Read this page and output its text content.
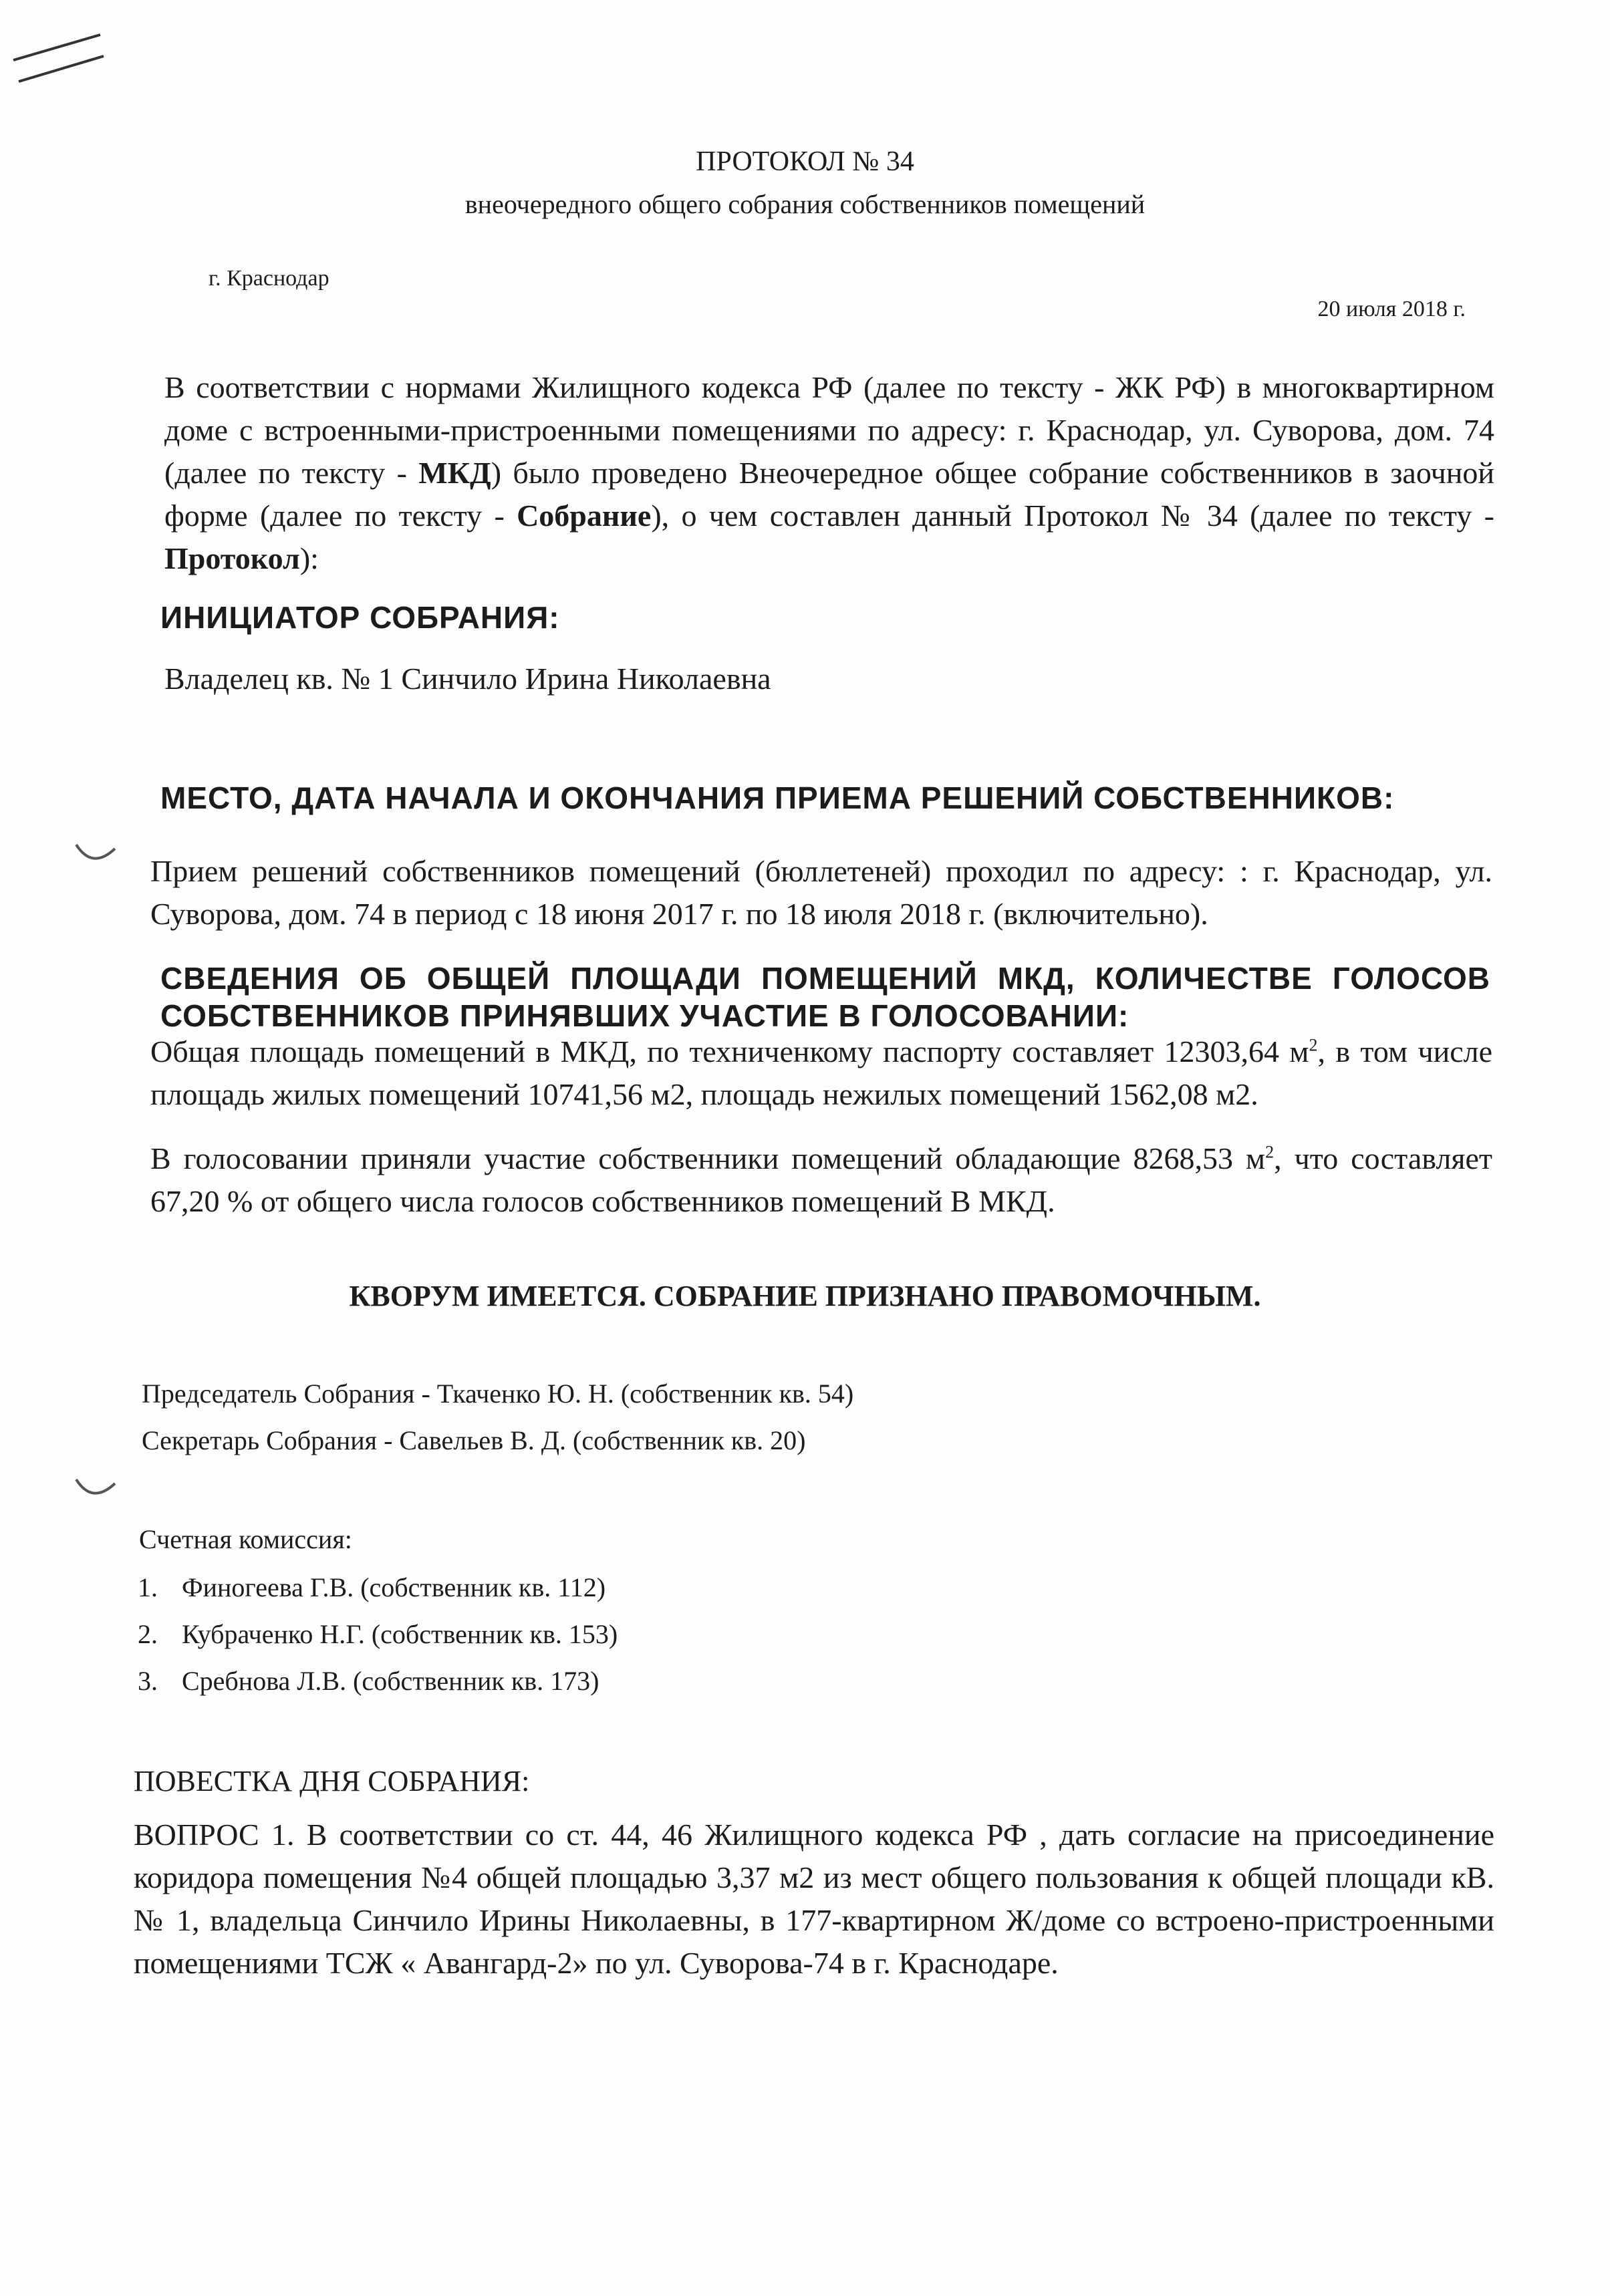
ПРОТОКОЛ № 34
внеочередного общего собрания собственников помещений
г. Краснодар
20 июля 2018 г.
В соответствии с нормами Жилищного кодекса РФ (далее по тексту - ЖК РФ) в многоквартирном доме с встроенными-пристроенными помещениями по адресу: г. Краснодар, ул. Суворова, дом. 74 (далее по тексту - МКД) было проведено Внеочередное общее собрание собственников в заочной форме (далее по тексту - Собрание), о чем составлен данный Протокол № 34 (далее по тексту - Протокол):
ИНИЦИАТОР СОБРАНИЯ:
Владелец кв. № 1 Синчило Ирина Николаевна
МЕСТО, ДАТА НАЧАЛА И ОКОНЧАНИЯ ПРИЕМА РЕШЕНИЙ СОБСТВЕННИКОВ:
Прием решений собственников помещений (бюллетеней) проходил по адресу: : г. Краснодар, ул. Суворова, дом. 74 в период с 18 июня 2017 г. по 18 июля 2018 г. (включительно).
СВЕДЕНИЯ ОБ ОБЩЕЙ ПЛОЩАДИ ПОМЕЩЕНИЙ МКД, КОЛИЧЕСТВЕ ГОЛОСОВ СОБСТВЕННИКОВ ПРИНЯВШИХ УЧАСТИЕ В ГОЛОСОВАНИИ:
Общая площадь помещений в МКД, по техниченкому паспорту составляет 12303,64 $м^2$, в том числе площадь жилых помещений 10741,56 м2, площадь нежилых помещений 1562,08 м2.
В голосовании приняли участие собственники помещений обладающие 8268,53 $м^2$, что составляет 67,20 % от общего числа голосов собственников помещений В МКД.
КВОРУМ ИМЕЕТСЯ. СОБРАНИЕ ПРИЗНАНО ПРАВОМОЧНЫМ.
Председатель Собрания - Ткаченко Ю. Н. (собственник кв. 54)
Секретарь Собрания - Савельев В. Д. (собственник кв. 20)
Счетная комиссия:
1. Финогеева Г.В. (собственник кв. 112)
2. Кубраченко Н.Г. (собственник кв. 153)
3. Сребнова Л.В. (собственник кв. 173)
ПОВЕСТКА ДНЯ СОБРАНИЯ:
ВОПРОС 1. В соответствии со ст. 44, 46 Жилищного кодекса РФ , дать согласие на присоединение коридора помещения №4 общей площадью 3,37 м2 из мест общего пользования к общей площади кВ. № 1, владельца Синчило Ирины Николаевны, в 177-квартирном Ж/доме со встроено-пристроенными помещениями ТСЖ « Авангард-2» по ул. Суворова-74 в г. Краснодаре.
